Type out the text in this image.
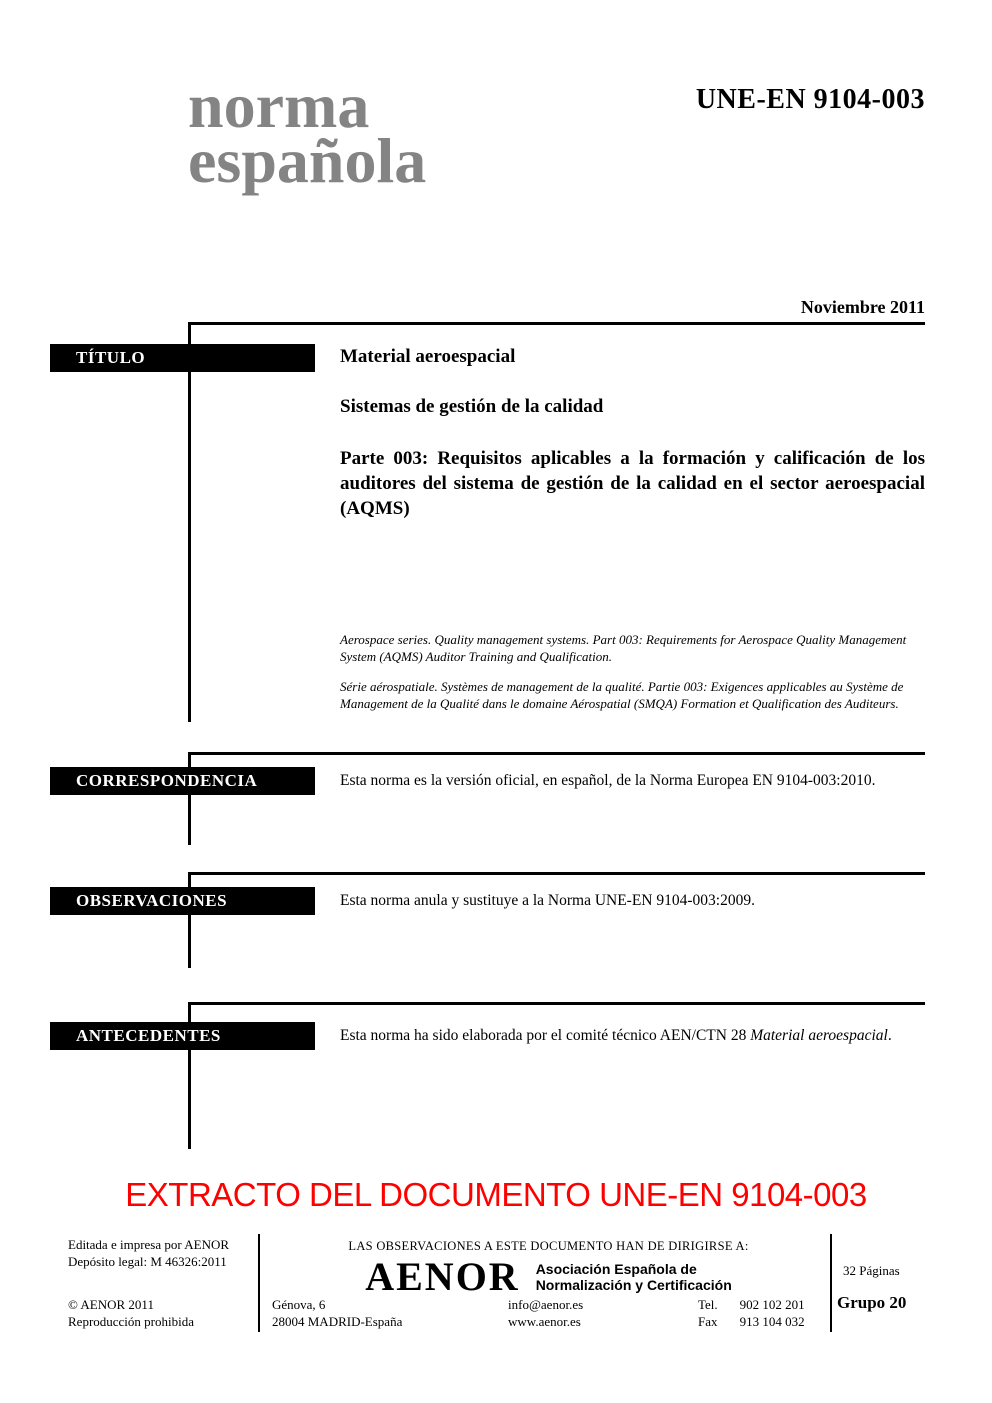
norma
española
UNE-EN 9104-003
Noviembre 2011
TÍTULO
CORRESPONDENCIA
OBSERVACIONES
ANTECEDENTES
Material aeroespacial
Sistemas de gestión de la calidad
Parte 003: Requisitos aplicables a la formación y calificación de los auditores del sistema de gestión de la calidad en el sector aeroespacial (AQMS)
Aerospace series. Quality management systems. Part 003: Requirements for Aerospace Quality Management System (AQMS) Auditor Training and Qualification.
Série aérospatiale. Systèmes de management de la qualité. Partie 003: Exigences applicables au Système de Management de la Qualité dans le domaine Aérospatial (SMQA) Formation et Qualification des Auditeurs.
Esta norma es la versión oficial, en español, de la Norma Europea EN 9104-003:2010.
Esta norma anula y sustituye a la Norma UNE-EN 9104-003:2009.
Esta norma ha sido elaborada por el comité técnico AEN/CTN 28 Material aeroespacial.
EXTRACTO DEL DOCUMENTO UNE-EN 9104-003
Editada e impresa por AENOR
Depósito legal: M 46326:2011
© AENOR 2011
Reproducción prohibida
LAS OBSERVACIONES A ESTE DOCUMENTO HAN DE DIRIGIRSE A:
AENOR Asociación Española de
Normalización y Certificación
Génova, 6
28004 MADRID-España
info@aenor.es
www.aenor.es
Tel. 902 102 201
Fax 913 104 032
32 Páginas
Grupo 20
